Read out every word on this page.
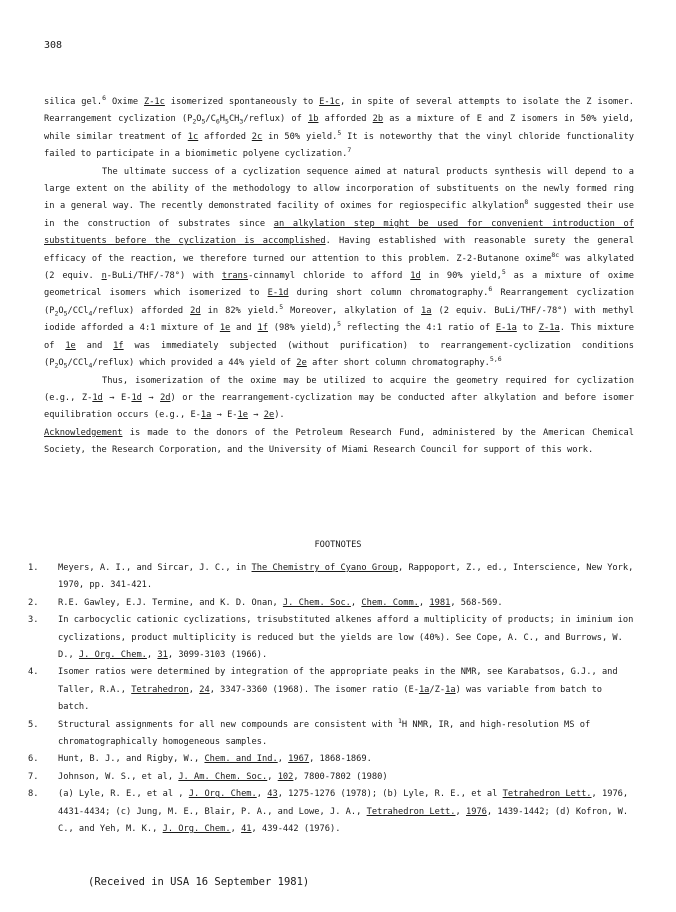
308

silica gel.$^6$ Oxime Z-1c isomerized spontaneously to E-1c, in spite of several attempts to isolate the Z isomer. Rearrangement cyclization $(P_2O_5/C_6H_5CH_3/reflux)$ of 1b afforded 2b as a mixture of E and Z isomers in 50% yield, while similar treatment of 1c afforded 2c in 50% yield.$^5$ It is noteworthy that the vinyl chloride functionality failed to participate in a biomimetic polyene cyclization.$^7$

The ultimate success of a cyclization sequence aimed at natural products synthesis will depend to a large extent on the ability of the methodology to allow incorporation of substituents on the newly formed ring in a general way. The recently demonstrated facility of oximes for regiospecific alkylation$^8$ suggested their use in the construction of substrates since an alkylation step might be used for convenient introduction of substituents before the cyclization is accomplished. Having established with reasonable surety the general efficacy of the reaction, we therefore turned our attention to this problem. Z-2-Butanone oxime$^{8c}$ was alkylated (2 equiv. n-BuLi/THF/-78°) with trans-cinnamyl chloride to afford 1d in 90% yield,$^5$ as a mixture of oxime geometrical isomers which isomerized to E-1d during short column chromatography.$^6$ Rearrangement cyclization $(P_2O_5/CCl_4/reflux)$ afforded 2d in 82% yield.$^5$ Moreover, alkylation of 1a (2 equiv. BuLi/THF/-78°) with methyl iodide afforded a 4:1 mixture of 1e and 1f (98% yield),$^5$ reflecting the 4:1 ratio of E-1a to Z-1a. This mixture of 1e and 1f was immediately subjected (without purification) to rearrangement-cyclization conditions $(P_2O_5/CCl_4/reflux)$ which provided a 44% yield of 2e after short column chromatography.$^{5,6}$

Thus, isomerization of the oxime may be utilized to acquire the geometry required for cyclization (e.g., Z-1d → E-1d → 2d) or the rearrangement-cyclization may be conducted after alkylation and before isomer equilibration occurs (e.g., E-1a → E-1e → 2e).

Acknowledgement is made to the donors of the Petroleum Research Fund, administered by the American Chemical Society, the Research Corporation, and the University of Miami Research Council for support of this work.

FOOTNOTES
1.	Meyers, A. I., and Sircar, J. C., in The Chemistry of Cyano Group, Rappoport, Z., ed., Interscience, New York, 1970, pp. 341-421.
2.	R.E. Gawley, E.J. Termine, and K. D. Onan, J. Chem. Soc., Chem. Comm., 1981, 568-569.
3.	In carbocyclic cationic cyclizations, trisubstituted alkenes afford a multiplicity of products; in iminium ion cyclizations, product multiplicity is reduced but the yields are low (40%). See Cope, A. C., and Burrows, W. D., J. Org. Chem., 31, 3099-3103 (1966).
4.	Isomer ratios were determined by integration of the appropriate peaks in the NMR, see Karabatsos, G.J., and Taller, R.A., Tetrahedron, 24, 3347-3360 (1968). The isomer ratio (E-1a/Z-1a) was variable from batch to batch.
5.	Structural assignments for all new compounds are consistent with $^1$H NMR, IR, and high-resolution MS of chromatographically homogeneous samples.
6.	Hunt, B. J., and Rigby, W., Chem. and Ind., 1967, 1868-1869.
7.	Johnson, W. S., et al, J. Am. Chem. Soc., 102, 7800-7802 (1980)
8.	(a) Lyle, R. E., et al , J. Org. Chem., 43, 1275-1276 (1978); (b) Lyle, R. E., et al Tetrahedron Lett., 1976, 4431-4434; (c) Jung, M. E., Blair, P. A., and Lowe, J. A., Tetrahedron Lett., 1976, 1439-1442; (d) Kofron, W. C., and Yeh, M. K., J. Org. Chem., 41, 439-442 (1976).
(Received in USA 16 September 1981)
